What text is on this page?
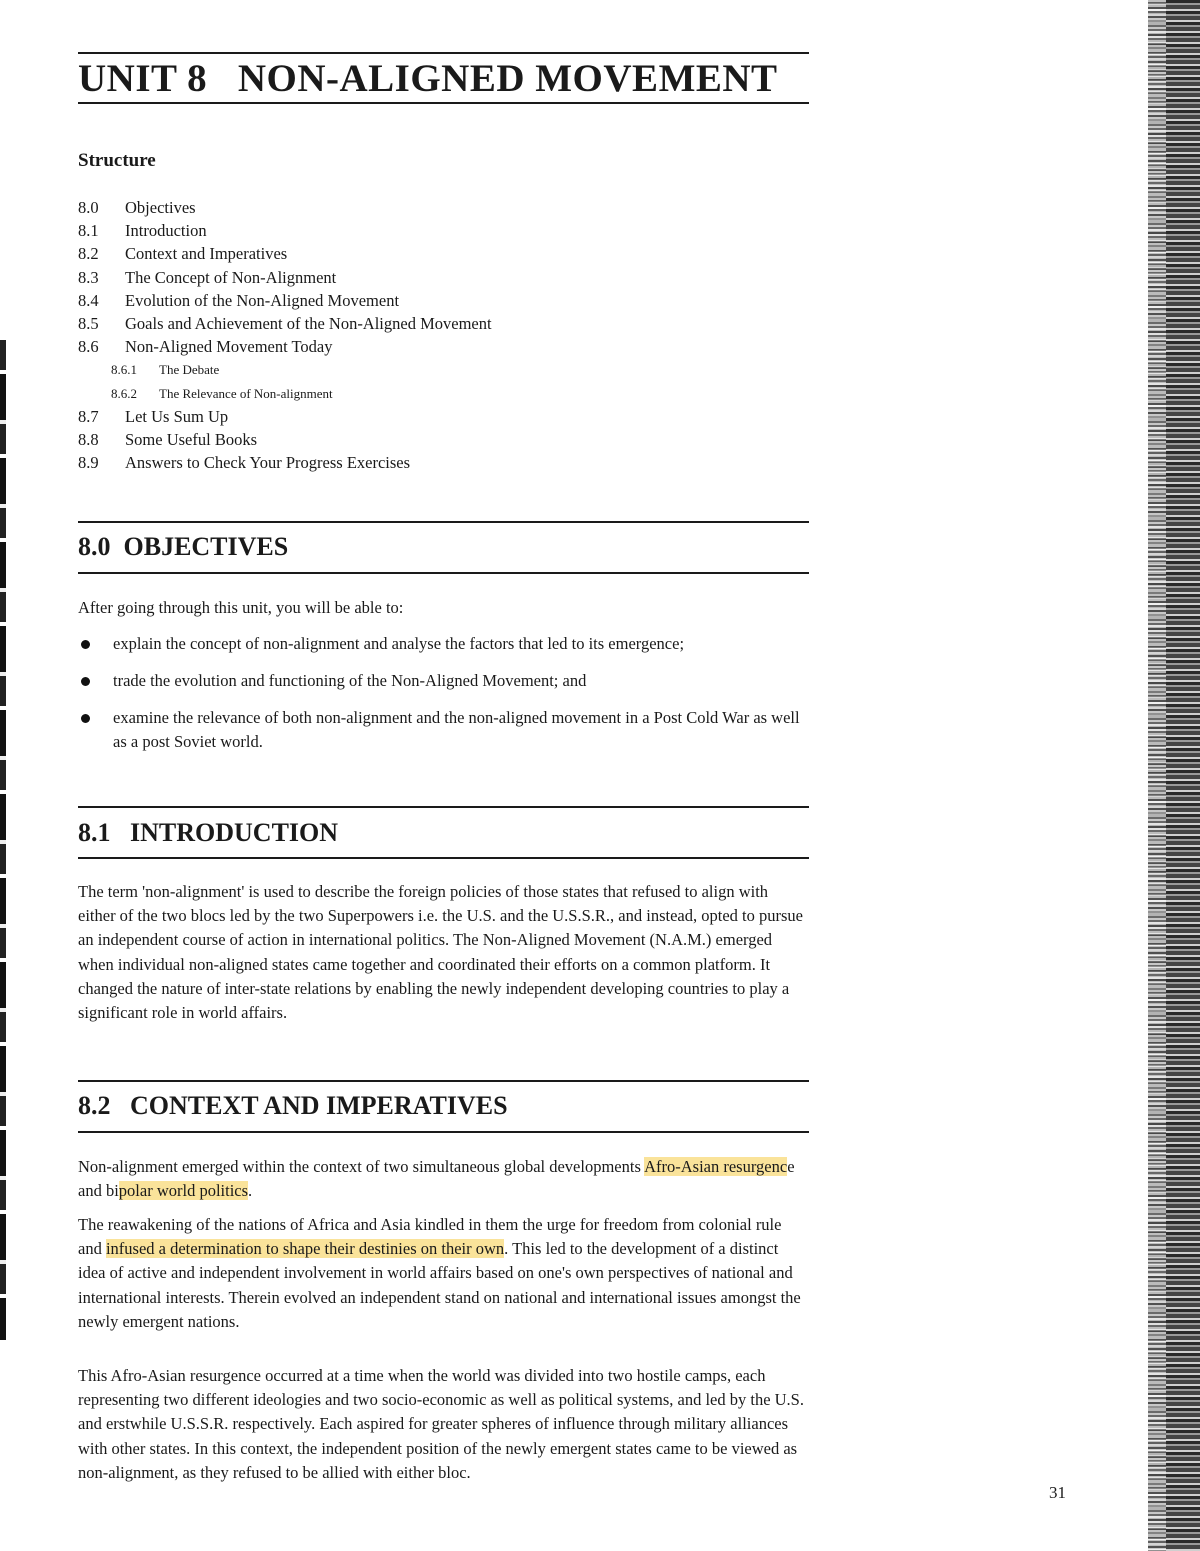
UNIT 8   NON-ALIGNED MOVEMENT
Structure
8.0 Objectives
8.1 Introduction
8.2 Context and Imperatives
8.3 The Concept of Non-Alignment
8.4 Evolution of the Non-Aligned Movement
8.5 Goals and Achievement of the Non-Aligned Movement
8.6 Non-Aligned Movement Today
8.6.1 The Debate
8.6.2 The Relevance of Non-alignment
8.7 Let Us Sum Up
8.8 Some Useful Books
8.9 Answers to Check Your Progress Exercises
8.0  OBJECTIVES

After going through this unit, you will be able to:

explain the concept of non-alignment and analyse the factors that led to its emergence;
trade the evolution and functioning of the Non-Aligned Movement; and
examine the relevance of both non-alignment and the non-aligned movement in a Post Cold War as well as a post Soviet world.
8.1   INTRODUCTION

The term 'non-alignment' is used to describe the foreign policies of those states that refused to align with either of the two blocs led by the two Superpowers i.e. the U.S. and the U.S.S.R., and instead, opted to pursue an independent course of action in international politics. The Non-Aligned Movement (N.A.M.) emerged when individual non-aligned states came together and coordinated their efforts on a common platform. It changed the nature of inter-state relations by enabling the newly independent developing countries to play a significant role in world affairs.

8.2   CONTEXT AND IMPERATIVES

Non-alignment emerged within the context of two simultaneous global developments Afro-Asian resurgence and bipolar world politics.

The reawakening of the nations of Africa and Asia kindled in them the urge for freedom from colonial rule and infused a determination to shape their destinies on their own. This led to the development of a distinct idea of active and independent involvement in world affairs based on one's own perspectives of national and international interests. Therein evolved an independent stand on national and international issues amongst the newly emergent nations.

This Afro-Asian resurgence occurred at a time when the world was divided into two hostile camps, each representing two different ideologies and two socio-economic as well as political systems, and led by the U.S. and erstwhile U.S.S.R. respectively. Each aspired for greater spheres of influence through military alliances with other states. In this context, the independent position of the newly emergent states came to be viewed as non-alignment, as they refused to be allied with either bloc.

31
